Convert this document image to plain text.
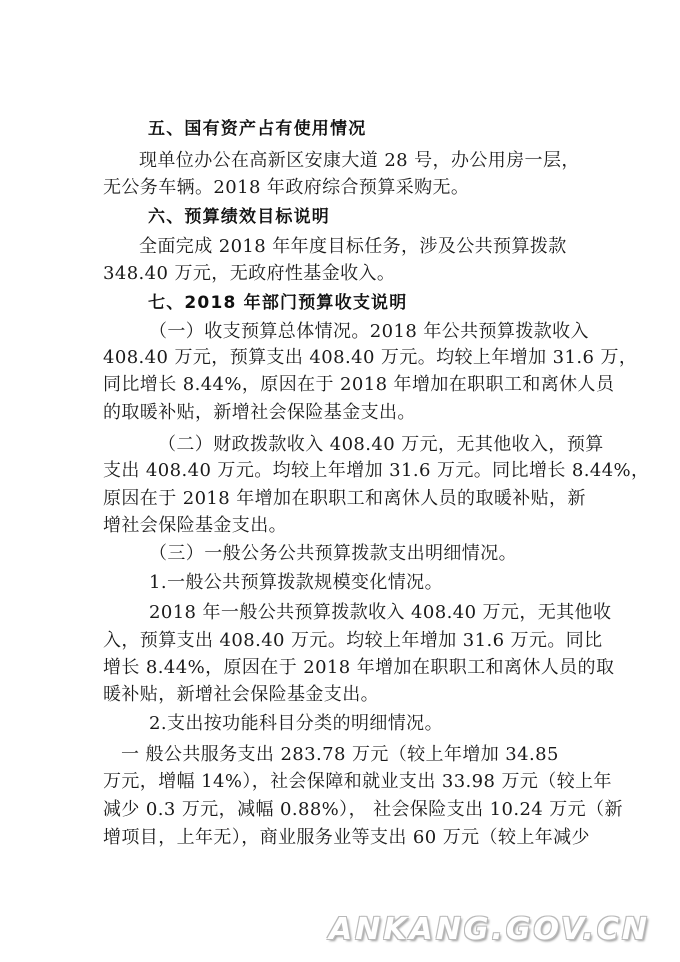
五、国有资产占有使用情况
现单位办公在高新区安康大道 28 号，办公用房一层，
无公务车辆。2018 年政府综合预算采购无。
六、预算绩效目标说明
全面完成 2018 年年度目标任务，涉及公共预算拨款
348.40 万元，无政府性基金收入。
七、2018 年部门预算收支说明
（一）收支预算总体情况。2018 年公共预算拨款收入
408.40 万元，预算支出 408.40 万元。均较上年增加 31.6 万，
同比增长 8.44%，原因在于 2018 年增加在职职工和离休人员
的取暖补贴，新增社会保险基金支出。
（二）财政拨款收入 408.40 万元，无其他收入，预算
支出 408.40 万元。均较上年增加 31.6 万元。同比增长 8.44%，
原因在于 2018 年增加在职职工和离休人员的取暖补贴，新
增社会保险基金支出。
（三）一般公务公共预算拨款支出明细情况。
1.一般公共预算拨款规模变化情况。
2018 年一般公共预算拨款收入 408.40 万元，无其他收
入，预算支出 408.40 万元。均较上年增加 31.6 万元。同比
增长 8.44%，原因在于 2018 年增加在职职工和离休人员的取
暖补贴，新增社会保险基金支出。
2.支出按功能科目分类的明细情况。
一 般公共服务支出 283.78 万元（较上年增加 34.85
万元，增幅 14%），社会保障和就业支出 33.98 万元（较上年
减少 0.3 万元，减幅 0.88%）， 社会保险支出 10.24 万元（新
增项目，上年无），商业服务业等支出 60 万元（较上年减少
ANKANG.GOV.CN
